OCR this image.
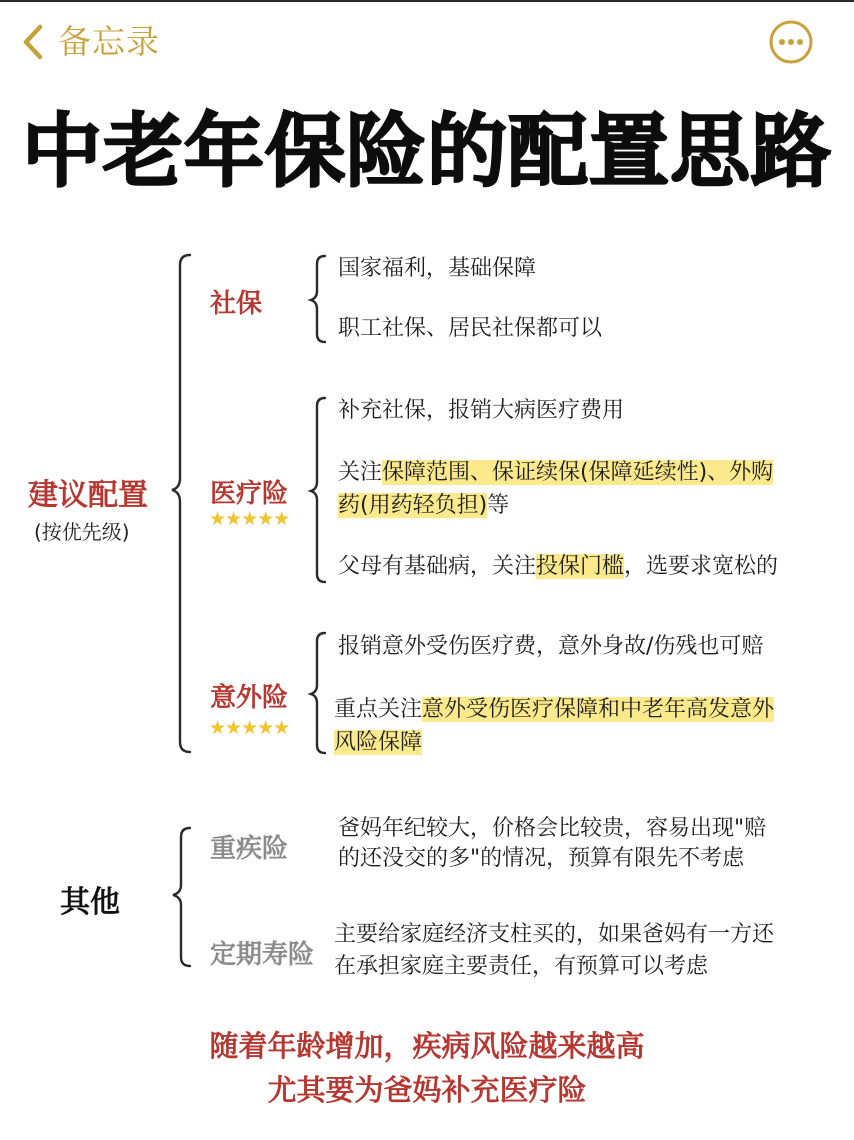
备忘录
中老年保险的配置思路
建议配置
(按优先级)
社保
国家福利，基础保障
职工社保、居民社保都可以
医疗险
★★★★★
补充社保，报销大病医疗费用
关注保障范围、保证续保(保障延续性)、外购
药(用药轻负担)等
父母有基础病，关注投保门槛，选要求宽松的
意外险
★★★★★
报销意外受伤医疗费，意外身故/伤残也可赔
重点关注意外受伤医疗保障和中老年高发意外
风险保障
其他
重疾险
爸妈年纪较大，价格会比较贵，容易出现"赔
的还没交的多"的情况，预算有限先不考虑
定期寿险
主要给家庭经济支柱买的，如果爸妈有一方还
在承担家庭主要责任，有预算可以考虑
随着年龄增加，疾病风险越来越高
尤其要为爸妈补充医疗险
